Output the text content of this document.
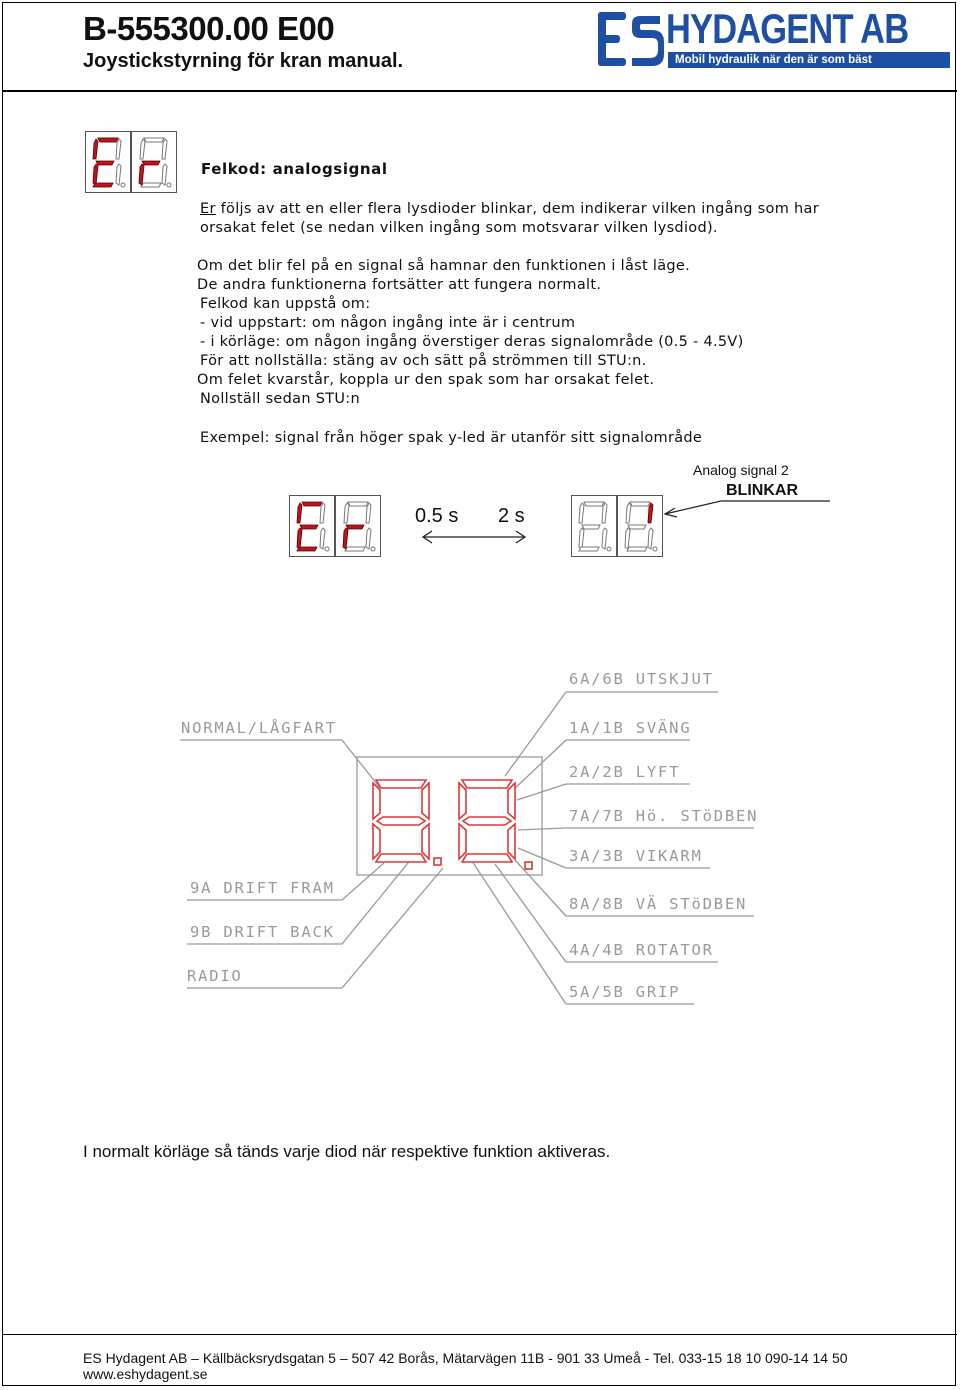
B-555300.00 E00
Joystickstyrning för kran manual.
HYDAGENT AB
Mobil hydraulik när den är som bäst
Felkod: analogsignal
Er följs av att en eller flera lysdioder blinkar, dem indikerar vilken ingång som har
orsakat felet (se nedan vilken ingång som motsvarar vilken lysdiod).
Om det blir fel på en signal så hamnar den funktionen i låst läge.
De andra funktionerna fortsätter att fungera normalt.
Felkod kan uppstå om:
- vid uppstart: om någon ingång inte är i centrum
- i körläge: om någon ingång överstiger deras signalområde (0.5 - 4.5V)
För att nollställa: stäng av och sätt på strömmen till STU:n.
Om felet kvarstår, koppla ur den spak som har orsakat felet.
Nollställ sedan STU:n
Exempel: signal från höger spak y-led är utanför sitt signalområde
0.5 s 2 s
Analog signal 2
BLINKAR
NORMAL/LÅGFART
9A DRIFT FRAM
9B DRIFT BACK
RADIO
6A/6B UTSKJUT
1A/1B SVÄNG
2A/2B LYFT
7A/7B Hö. STöDBEN
3A/3B VIKARM
8A/8B VÄ STöDBEN
4A/4B ROTATOR
5A/5B GRIP
I normalt körläge så tänds varje diod när respektive funktion aktiveras.
ES Hydagent AB – Källbäcksrydsgatan 5 – 507 42 Borås, Mätarvägen 11B - 901 33 Umeå - Tel. 033-15 18 10 090-14 14 50
www.eshydagent.se
